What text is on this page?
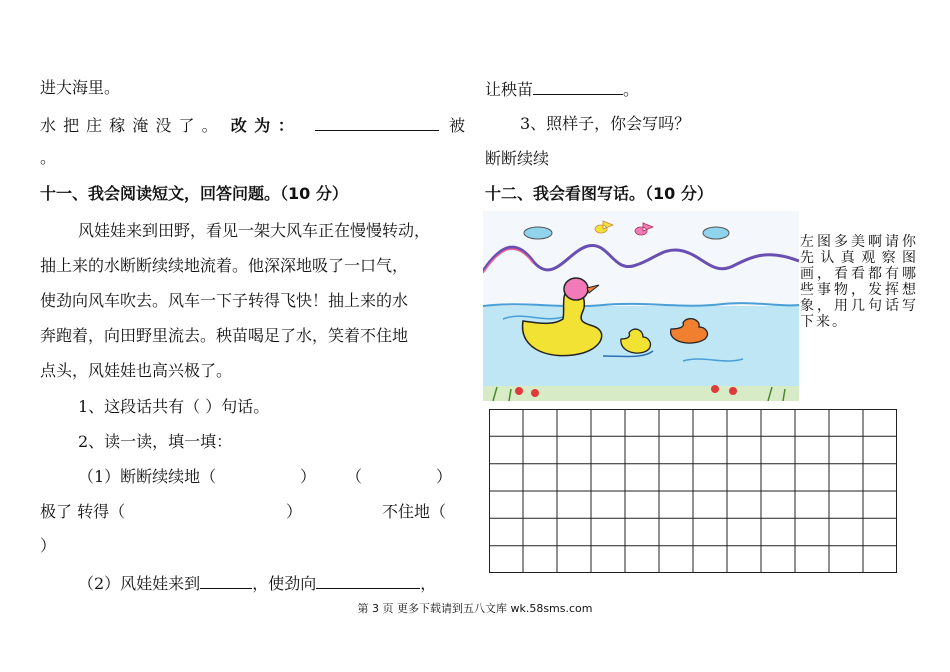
进大海里。
水 把 庄 稼 淹 没 了 。 改 为 ：	被
。
十一、我会阅读短文，回答问题。（10 分）
风娃娃来到田野，看见一架大风车正在慢慢转动，
抽上来的水断断续续地流着。他深深地吸了一口气，
使劲向风车吹去。风车一下子转得飞快！抽上来的水
奔跑着，向田野里流去。秧苗喝足了水，笑着不住地
点头，风娃娃也高兴极了。
1、这段话共有（ ）句话。
2、读一读，填一填：
（1）断断续续地（	） （	）
极了 转得（	）	不住地（
）
（2）风娃娃来到	，使劲向	，
让秧苗	。
3、照样子，你会写吗？
断断续续
十二、我会看图写话。（10 分）
左图多美啊请你先认真观察图画，看看都有哪些事物，发挥想象，用几句话写下来。
第 3 页 更多下载请到五八文库 wk.58sms.com
